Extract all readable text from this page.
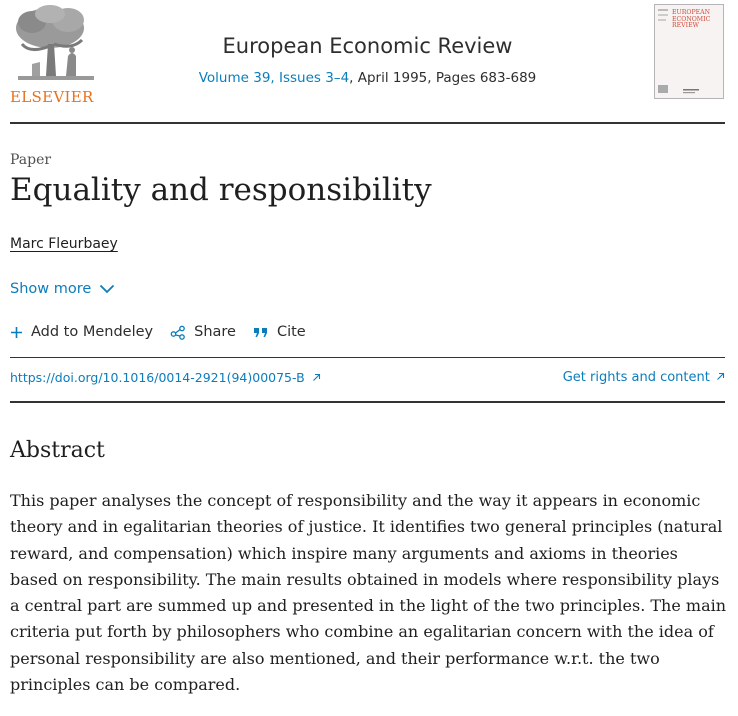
ELSEVIER
European Economic Review
Volume 39, Issues 3–4, April 1995, Pages 683-689
EUROPEAN ECONOMIC REVIEW
Paper
Equality and responsibility
Marc Fleurbaey
Show more
Add to Mendeley	Share	Cite
https://doi.org/10.1016/0014-2921(94)00075-B	Get rights and content
Abstract

This paper analyses the concept of responsibility and the way it appears in economic theory and in egalitarian theories of justice. It identifies two general principles (natural reward, and compensation) which inspire many arguments and axioms in theories based on responsibility. The main results obtained in models where responsibility plays a central part are summed up and presented in the light of the two principles. The main criteria put forth by philosophers who combine an egalitarian concern with the idea of personal responsibility are also mentioned, and their performance w.r.t. the two principles can be compared.
